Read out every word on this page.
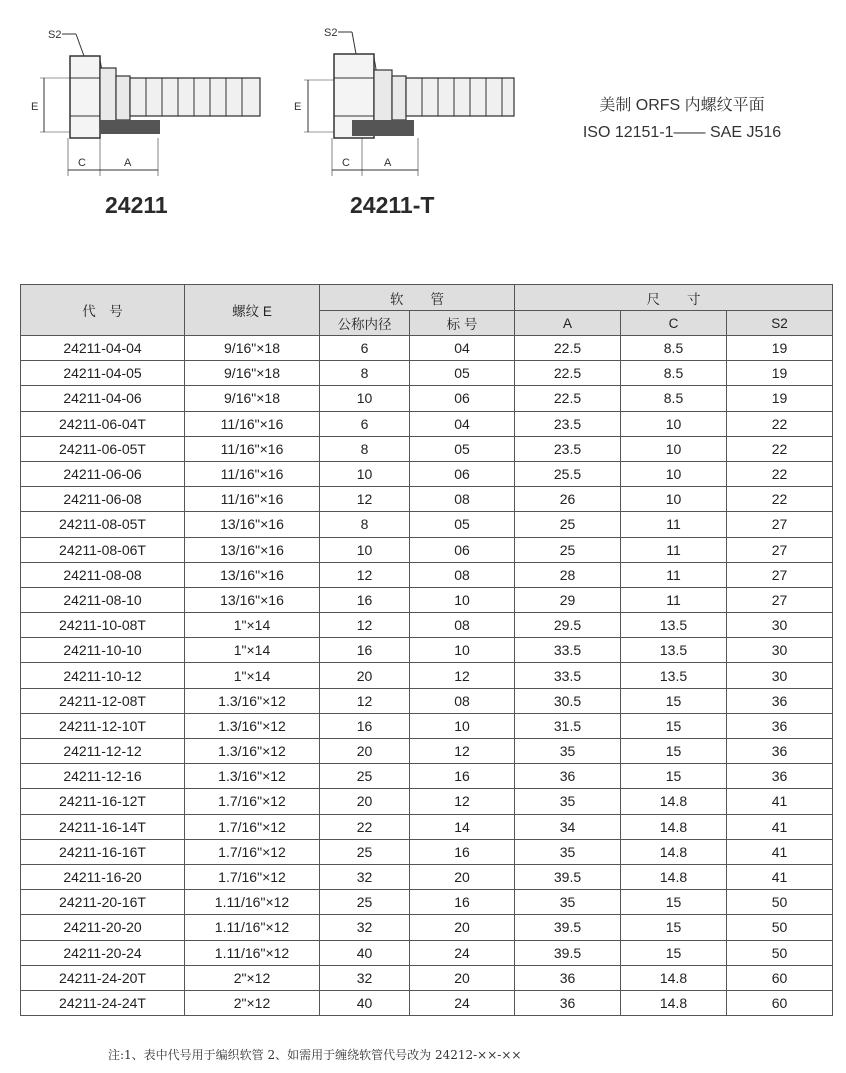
S2
E
C	A
S2
E
C	A
24211	24211-T
美制 ORFS 内螺纹平面
ISO 12151-1—— SAE J516
代　号	螺纹 E	软　　管		尺　　寸		
		公称内径	标 号	A	C	S2
24211-04-04	9/16"×18	6	04	22.5	8.5	19
24211-04-05	9/16"×18	8	05	22.5	8.5	19
24211-04-06	9/16"×18	10	06	22.5	8.5	19
24211-06-04T	11/16"×16	6	04	23.5	10	22
24211-06-05T	11/16"×16	8	05	23.5	10	22
24211-06-06	11/16"×16	10	06	25.5	10	22
24211-06-08	11/16"×16	12	08	26	10	22
24211-08-05T	13/16"×16	8	05	25	11	27
24211-08-06T	13/16"×16	10	06	25	11	27
24211-08-08	13/16"×16	12	08	28	11	27
24211-08-10	13/16"×16	16	10	29	11	27
24211-10-08T	1"×14	12	08	29.5	13.5	30
24211-10-10	1"×14	16	10	33.5	13.5	30
24211-10-12	1"×14	20	12	33.5	13.5	30
24211-12-08T	1.3/16"×12	12	08	30.5	15	36
24211-12-10T	1.3/16"×12	16	10	31.5	15	36
24211-12-12	1.3/16"×12	20	12	35	15	36
24211-12-16	1.3/16"×12	25	16	36	15	36
24211-16-12T	1.7/16"×12	20	12	35	14.8	41
24211-16-14T	1.7/16"×12	22	14	34	14.8	41
24211-16-16T	1.7/16"×12	25	16	35	14.8	41
24211-16-20	1.7/16"×12	32	20	39.5	14.8	41
24211-20-16T	1.11/16"×12	25	16	35	15	50
24211-20-20	1.11/16"×12	32	20	39.5	15	50
24211-20-24	1.11/16"×12	40	24	39.5	15	50
24211-24-20T	2"×12	32	20	36	14.8	60
24211-24-24T	2"×12	40	24	36	14.8	60
注:1、表中代号用于编织软管 2、如需用于缠绕软管代号改为 24212-××-××
